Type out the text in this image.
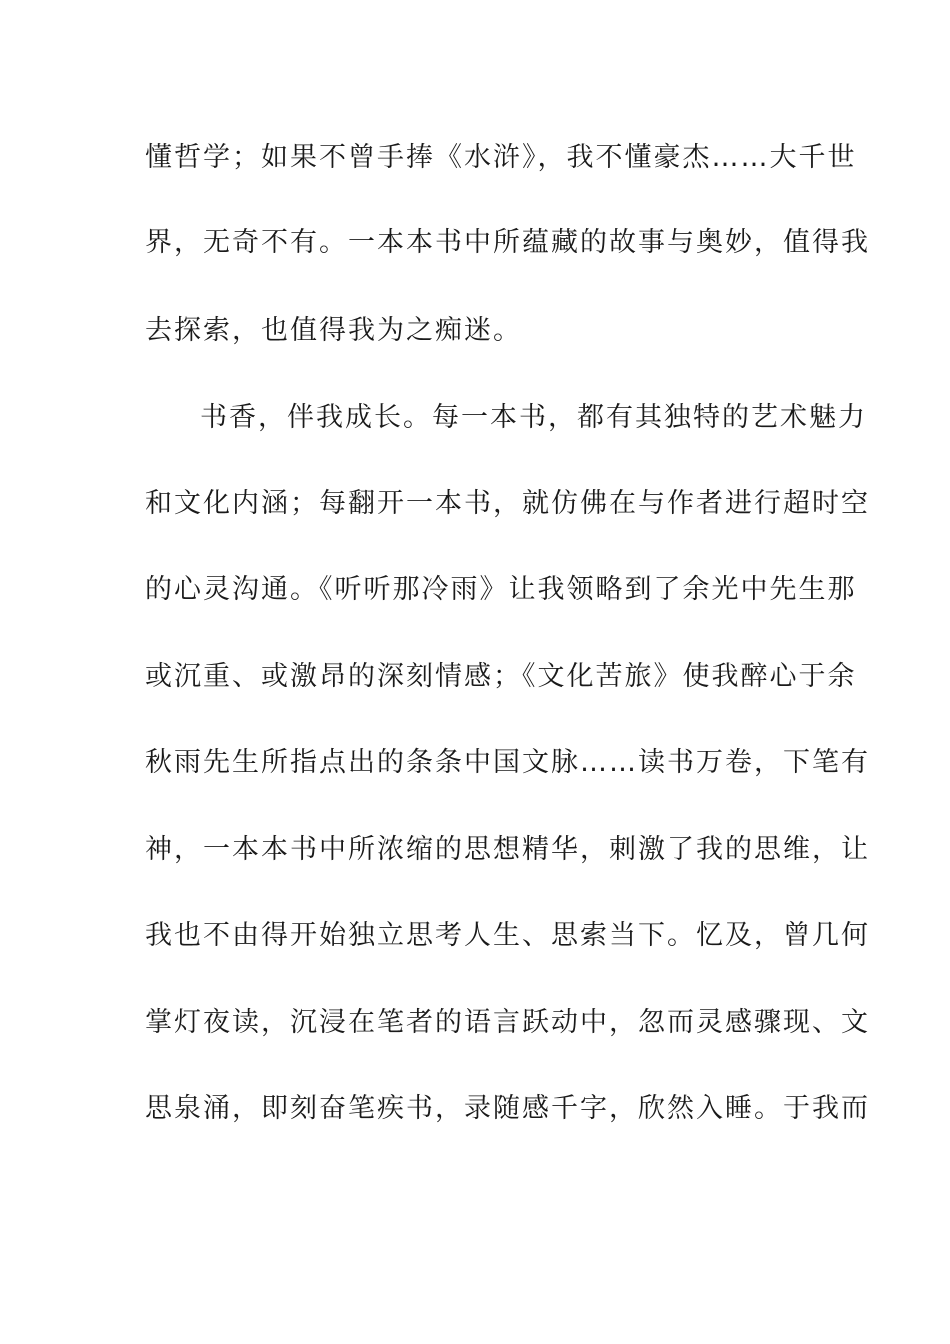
懂哲学；如果不曾手捧《水浒》，我不懂豪杰……大千世
界，无奇不有。一本本书中所蕴藏的故事与奥妙，值得我
去探索，也值得我为之痴迷。
书香，伴我成长。每一本书，都有其独特的艺术魅力
和文化内涵；每翻开一本书，就仿佛在与作者进行超时空
的心灵沟通。《听听那冷雨》让我领略到了余光中先生那
或沉重、或激昂的深刻情感；《文化苦旅》使我醉心于余
秋雨先生所指点出的条条中国文脉……读书万卷，下笔有
神，一本本书中所浓缩的思想精华，刺激了我的思维，让
我也不由得开始独立思考人生、思索当下。忆及，曾几何
掌灯夜读，沉浸在笔者的语言跃动中，忽而灵感骤现、文
思泉涌，即刻奋笔疾书，录随感千字，欣然入睡。于我而
